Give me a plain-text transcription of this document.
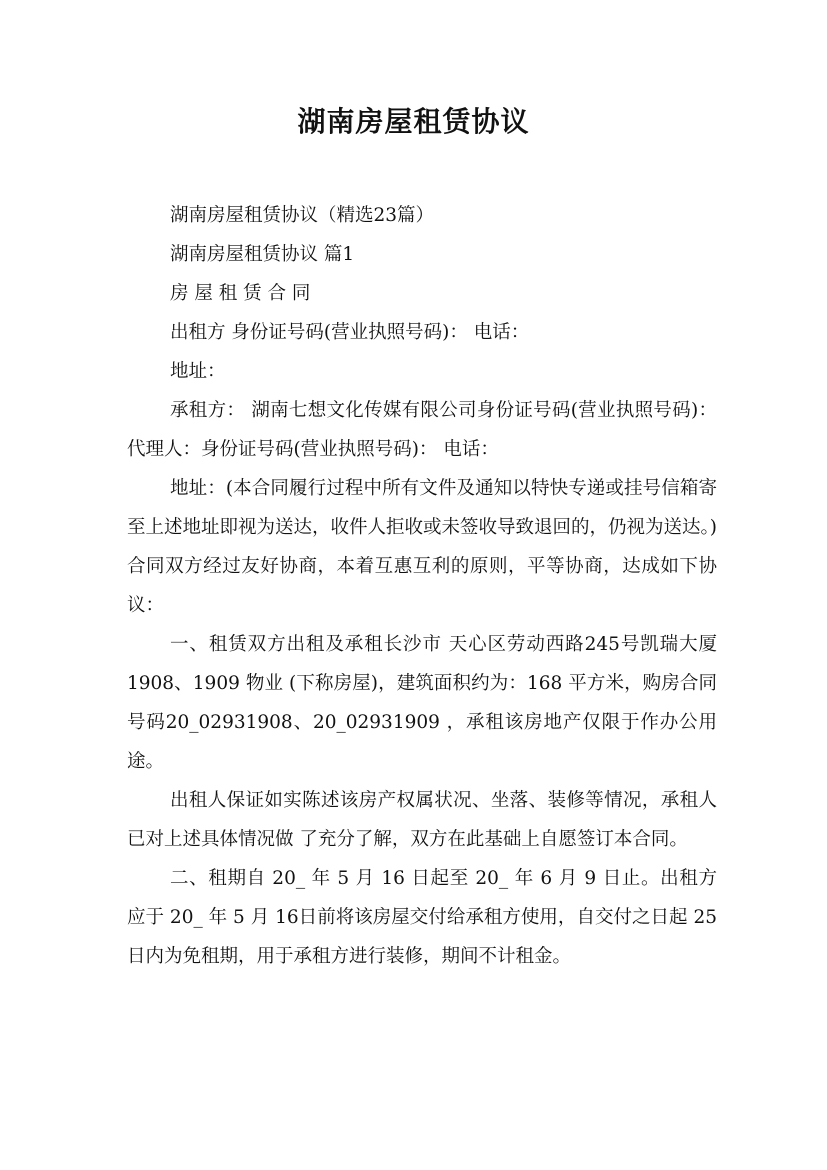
湖南房屋租赁协议

湖南房屋租赁协议（精选23篇）

湖南房屋租赁协议 篇1

房 屋 租 赁 合 同

出租方 身份证号码(营业执照号码)： 电话：

地址：

承租方： 湖南七想文化传媒有限公司身份证号码(营业执照号码)： 代理人：身份证号码(营业执照号码)： 电话：

地址：(本合同履行过程中所有文件及通知以特快专递或挂号信箱寄至上述地址即视为送达，收件人拒收或未签收导致退回的，仍视为送达。)合同双方经过友好协商，本着互惠互利的原则，平等协商，达成如下协议：

一、租赁双方出租及承租长沙市 天心区劳动西路245号凯瑞大厦1908、1909 物业 (下称房屋)，建筑面积约为：168 平方米，购房合同号码20_02931908、20_02931909 ，承租该房地产仅限于作办公用途。

出租人保证如实陈述该房产权属状况、坐落、装修等情况，承租人已对上述具体情况做 了充分了解，双方在此基础上自愿签订本合同。

二、租期自 20_ 年 5 月 16 日起至 20_ 年 6 月 9 日止。出租方 应于 20_ 年 5 月 16日前将该房屋交付给承租方使用，自交付之日起 25 日内为免租期，用于承租方进行装修，期间不计租金。
